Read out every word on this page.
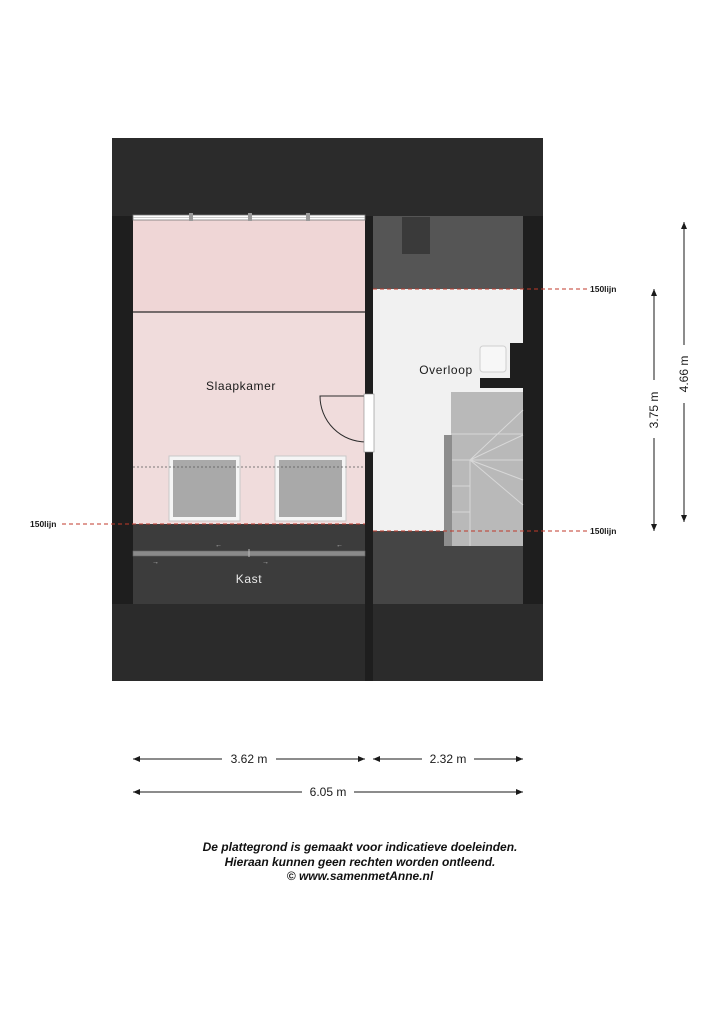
←	←
→	→
150lijn
150lijn
150lijn
Slaapkamer
Overloop
Kast
3.62 m	2.32 m
6.05 m
3.75 m
4.66 m
De plattegrond is gemaakt voor indicatieve doeleinden.
Hieraan kunnen geen rechten worden ontleend.
© www.samenmetAnne.nl
